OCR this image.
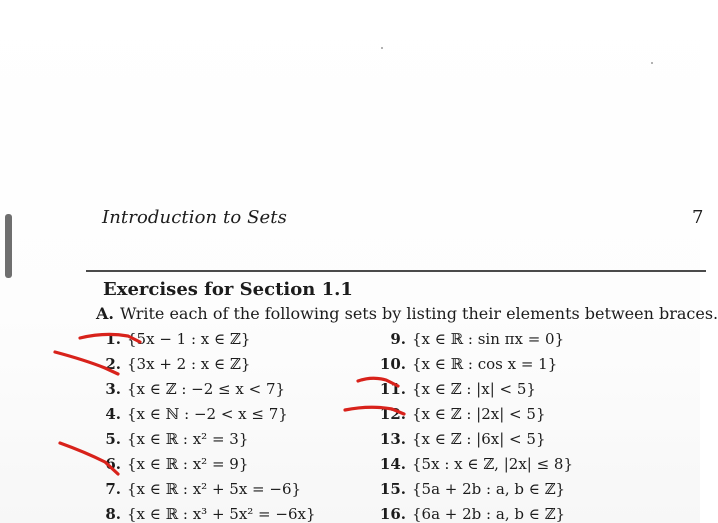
Introduction to Sets	7
Exercises for Section 1.1
A. Write each of the following sets by listing their elements between braces.
1. {5x − 1 : x ∈ ℤ}
2. {3x + 2 : x ∈ ℤ}
3. {x ∈ ℤ : −2 ≤ x < 7}
4. {x ∈ ℕ : −2 < x ≤ 7}
5. {x ∈ ℝ : x² = 3}
6. {x ∈ ℝ : x² = 9}
7. {x ∈ ℝ : x² + 5x = −6}
8. {x ∈ ℝ : x³ + 5x² = −6x}
9. {x ∈ ℝ : sin πx = 0}
10. {x ∈ ℝ : cos x = 1}
11. {x ∈ ℤ : |x| < 5}
12. {x ∈ ℤ : |2x| < 5}
13. {x ∈ ℤ : |6x| < 5}
14. {5x : x ∈ ℤ, |2x| ≤ 8}
15. {5a + 2b : a, b ∈ ℤ}
16. {6a + 2b : a, b ∈ ℤ}
